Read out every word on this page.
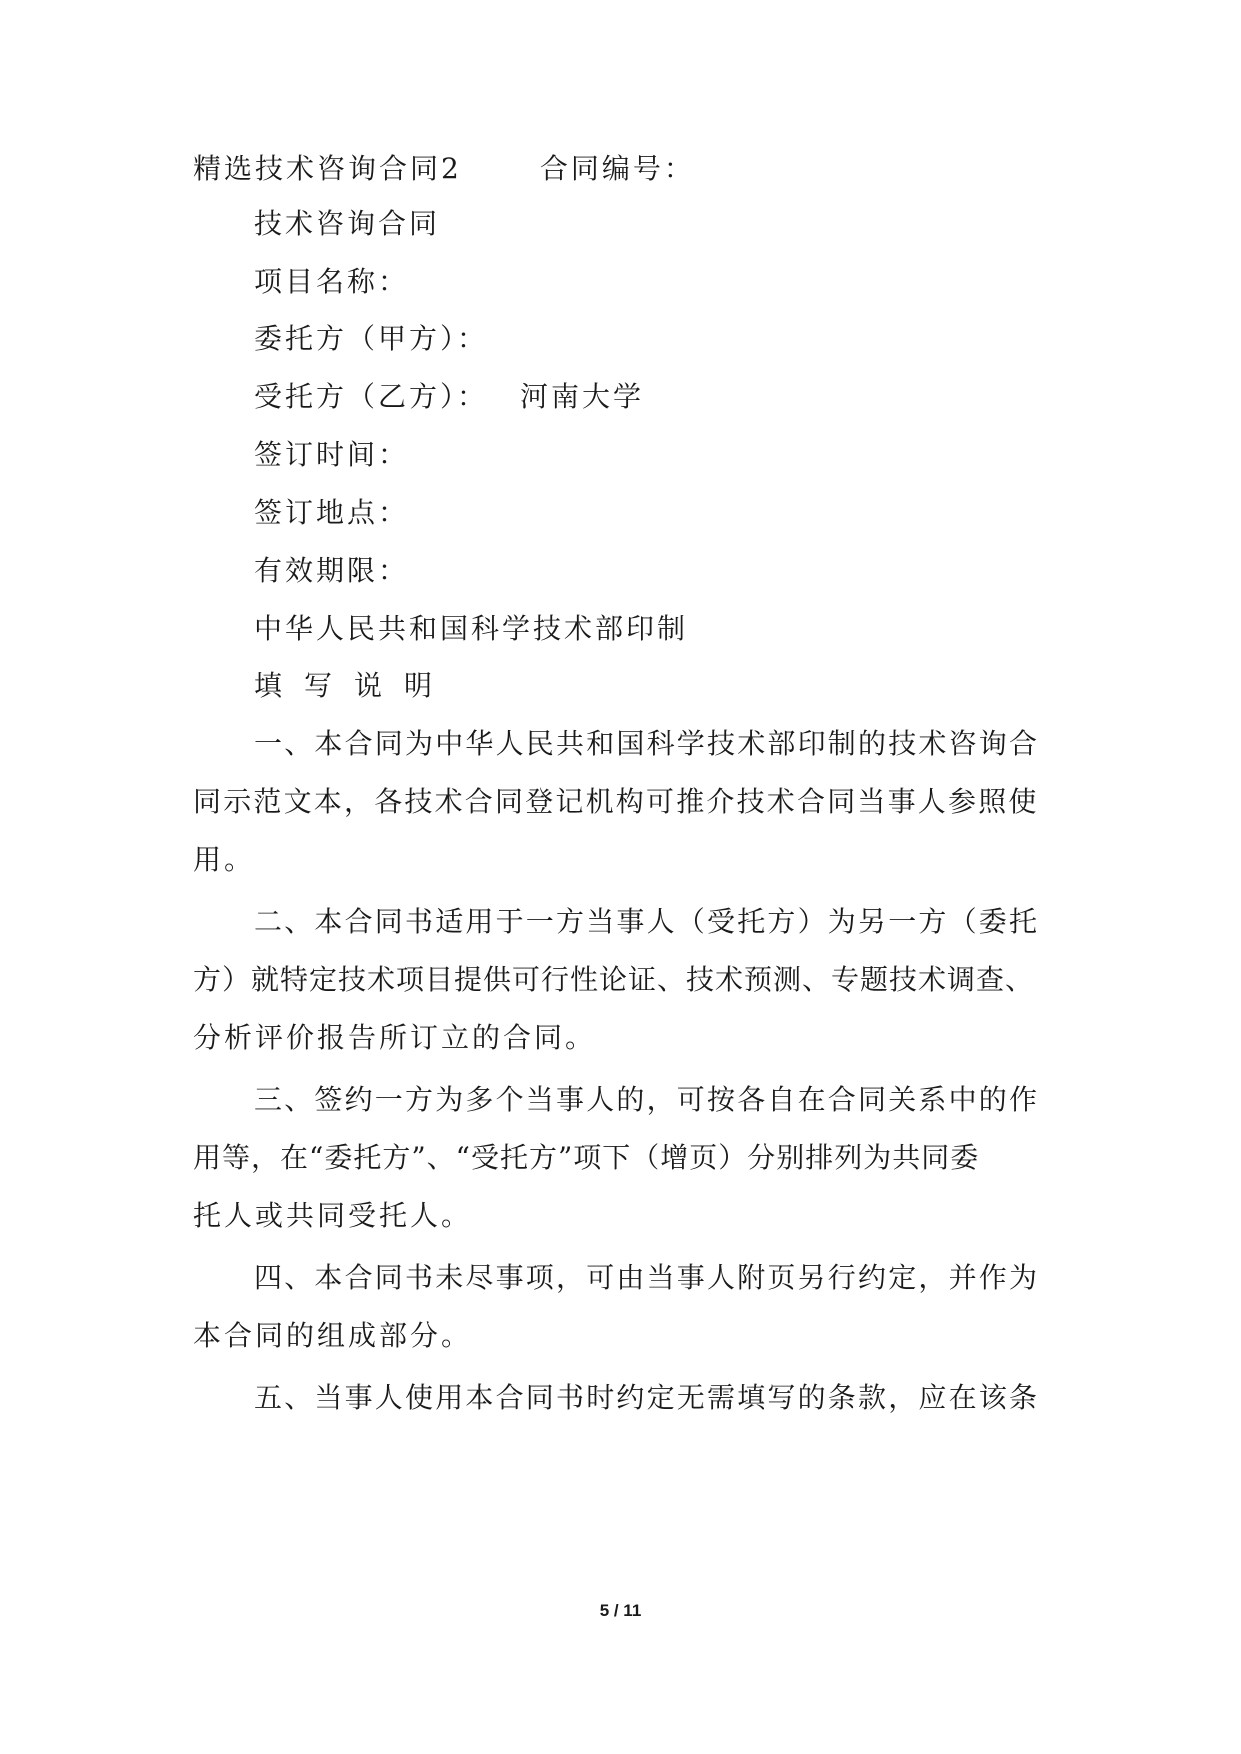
精选技术咨询合同2	合同编号：
技术咨询合同
项目名称：
委托方（甲方）：
受托方（乙方）： 河南大学
签订时间：
签订地点：
有效期限：
中华人民共和国科学技术部印制
填写说明
一、本合同为中华人民共和国科学技术部印制的技术咨询合
同示范文本，各技术合同登记机构可推介技术合同当事人参照使
用。
二、本合同书适用于一方当事人（受托方）为另一方（委托
方）就特定技术项目提供可行性论证、技术预测、专题技术调查、
分析评价报告所订立的合同。
三、签约一方为多个当事人的，可按各自在合同关系中的作
用等，在“委托方”、“受托方”项下（增页）分别排列为共同委
托人或共同受托人。
四、本合同书未尽事项，可由当事人附页另行约定，并作为
本合同的组成部分。
五、当事人使用本合同书时约定无需填写的条款，应在该条
5 / 11
